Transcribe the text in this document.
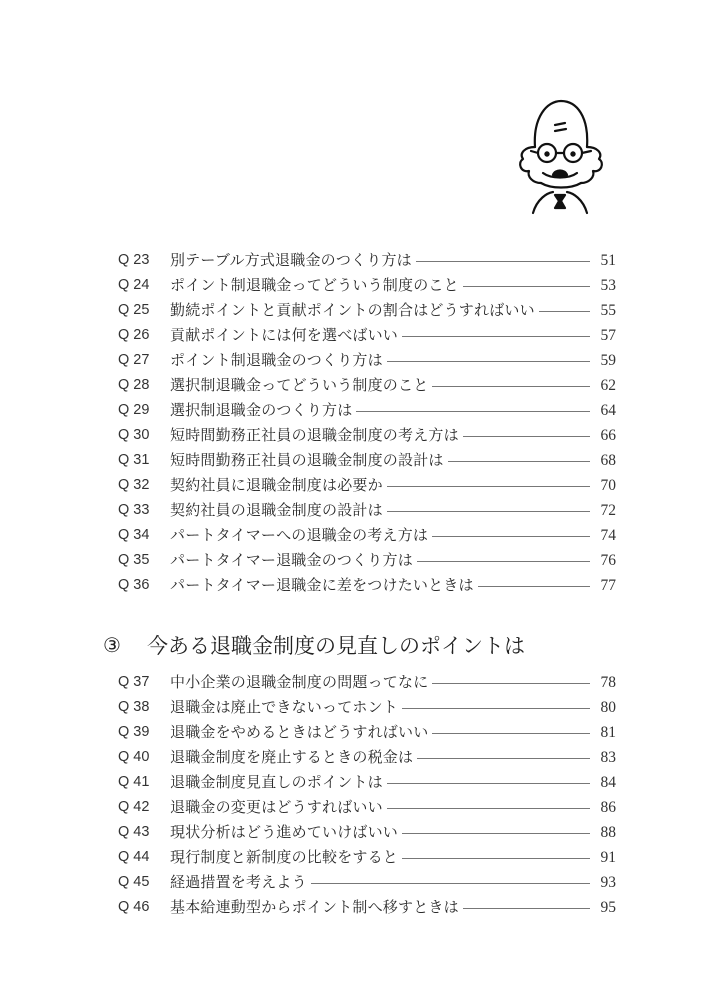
Q 23	別テーブル方式退職金のつくり方は	51
Q 24	ポイント制退職金ってどういう制度のこと	53
Q 25	勤続ポイントと貢献ポイントの割合はどうすればいい	55
Q 26	貢献ポイントには何を選べばいい	57
Q 27	ポイント制退職金のつくり方は	59
Q 28	選択制退職金ってどういう制度のこと	62
Q 29	選択制退職金のつくり方は	64
Q 30	短時間勤務正社員の退職金制度の考え方は	66
Q 31	短時間勤務正社員の退職金制度の設計は	68
Q 32	契約社員に退職金制度は必要か	70
Q 33	契約社員の退職金制度の設計は	72
Q 34	パートタイマーへの退職金の考え方は	74
Q 35	パートタイマー退職金のつくり方は	76
Q 36	パートタイマー退職金に差をつけたいときは	77
③	今ある退職金制度の見直しのポイントは
Q 37	中小企業の退職金制度の問題ってなに	78
Q 38	退職金は廃止できないってホント	80
Q 39	退職金をやめるときはどうすればいい	81
Q 40	退職金制度を廃止するときの税金は	83
Q 41	退職金制度見直しのポイントは	84
Q 42	退職金の変更はどうすればいい	86
Q 43	現状分析はどう進めていけばいい	88
Q 44	現行制度と新制度の比較をすると	91
Q 45	経過措置を考えよう	93
Q 46	基本給連動型からポイント制へ移すときは	95
